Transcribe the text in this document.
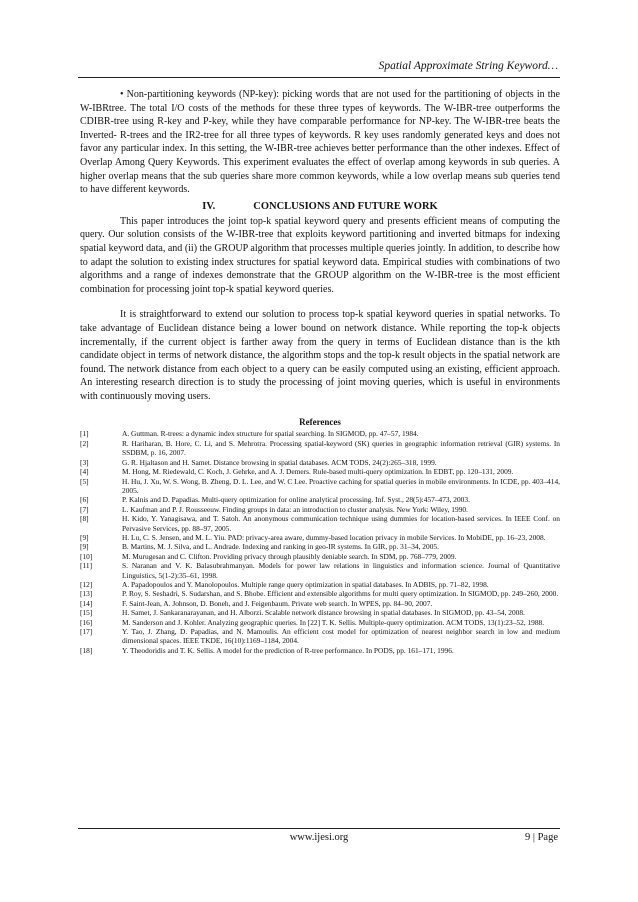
Spatial Approximate String Keyword…

• Non-partitioning keywords (NP-key): picking words that are not used for the partitioning of objects in the W-IBRtree. The total I/O costs of the methods for these three types of keywords. The W-IBR-tree outperforms the CDIBR-tree using R-key and P-key, while they have comparable performance for NP-key. The W-IBR-tree beats the Inverted- R-trees and the IR2-tree for all three types of keywords. R key uses randomly generated keys and does not favor any particular index. In this setting, the W-IBR-tree achieves better performance than the other indexes. Effect of Overlap Among Query Keywords. This experiment evaluates the effect of overlap among keywords in sub queries. A higher overlap means that the sub queries share more common keywords, while a low overlap means sub queries tend to have different keywords.

IV.	CONCLUSIONS AND FUTURE WORK

This paper introduces the joint top-k spatial keyword query and presents efficient means of computing the query. Our solution consists of the W-IBR-tree that exploits keyword partitioning and inverted bitmaps for indexing spatial keyword data, and (ii) the GROUP algorithm that processes multiple queries jointly. In addition, to describe how to adapt the solution to existing index structures for spatial keyword data. Empirical studies with combinations of two algorithms and a range of indexes demonstrate that the GROUP algorithm on the W-IBR-tree is the most efficient combination for processing joint top-k spatial keyword queries.

It is straightforward to extend our solution to process top-k spatial keyword queries in spatial networks. To take advantage of Euclidean distance being a lower bound on network distance. While reporting the top-k objects incrementally, if the current object is farther away from the query in terms of Euclidean distance than is the kth candidate object in terms of network distance, the algorithm stops and the top-k result objects in the spatial network are found. The network distance from each object to a query can be easily computed using an existing, efficient approach. An interesting research direction is to study the processing of joint moving queries, which is useful in environments with continuously moving users.

References
[1]	A. Guttman. R-trees: a dynamic index structure for spatial searching. In SIGMOD, pp. 47–57, 1984.
[2]	R. Hariharan, B. Hore, C. Li, and S. Mehrotra. Processing spatial-keyword (SK) queries in geographic information retrieval (GIR) systems. In SSDBM, p. 16, 2007.
[3]	G. R. Hjaltason and H. Samet. Distance browsing in spatial databases. ACM TODS, 24(2):265–318, 1999.
[4]	M. Hong, M. Riedewald, C. Koch, J. Gehrke, and A. J. Demers. Rule-based multi-query optimization. In EDBT, pp. 120–131, 2009.
[5]	H. Hu, J. Xu, W. S. Wong, B. Zheng, D. L. Lee, and W. C Lee. Proactive caching for spatial queries in mobile environments. In ICDE, pp. 403–414, 2005.
[6]	P. Kalnis and D. Papadias. Multi-query optimization for online analytical processing. Inf. Syst., 28(5):457–473, 2003.
[7]	L. Kaufman and P. J. Rousseeuw. Finding groups in data: an introduction to cluster analysis. New York: Wiley, 1990.
[8]	H. Kido, Y. Yanagisawa, and T. Satoh. An anonymous communication technique using dummies for location-based services. In IEEE Conf. on Pervasive Services, pp. 88–97, 2005.
[9]	H. Lu, C. S. Jensen, and M. L. Yiu. PAD: privacy-area aware, dummy-based location privacy in mobile Services. In MobiDE, pp. 16–23, 2008.
[9]	B. Martins, M. J. Silva, and L. Andrade. Indexing and ranking in geo-IR systems. In GIR, pp. 31–34, 2005.
[10]	M. Murugesan and C. Clifton. Providing privacy through plausibly deniable search. In SDM, pp. 768–779, 2009.
[11]	S. Naranan and V. K. Balasubrahmanyan. Models for power law relations in linguistics and information science. Journal of Quantitative Linguistics, 5(1-2):35–61, 1998.
[12]	A. Papadopoulos and Y. Manolopoulos. Multiple range query optimization in spatial databases. In ADBIS, pp. 71–82, 1998.
[13]	P. Roy, S. Seshadri, S. Sudarshan, and S. Bhobe. Efficient and extensible algorithms for multi query optimization. In SIGMOD, pp. 249–260, 2000.
[14]	F. Saint-Jean, A. Johnson, D. Boneh, and J. Feigenbaum. Private web search. In WPES, pp. 84–90, 2007.
[15]	H. Samet, J. Sankaranarayanan, and H. Alborzi. Scalable network distance browsing in spatial databases. In SIGMOD, pp. 43–54, 2008.
[16]	M. Sanderson and J. Kohler. Analyzing geographic queries. In [22] T. K. Sellis. Multiple-query optimization. ACM TODS, 13(1):23–52, 1988.
[17]	Y. Tao, J. Zhang, D. Papadias, and N. Mamoulis. An efficient cost model for optimization of nearest neighbor search in low and medium dimensional spaces. IEEE TKDE, 16(10):1169–1184, 2004.
[18]	Y. Theodoridis and T. K. Sellis. A model for the prediction of R-tree performance. In PODS, pp. 161–171, 1996.
www.ijesi.org	9 | Page
